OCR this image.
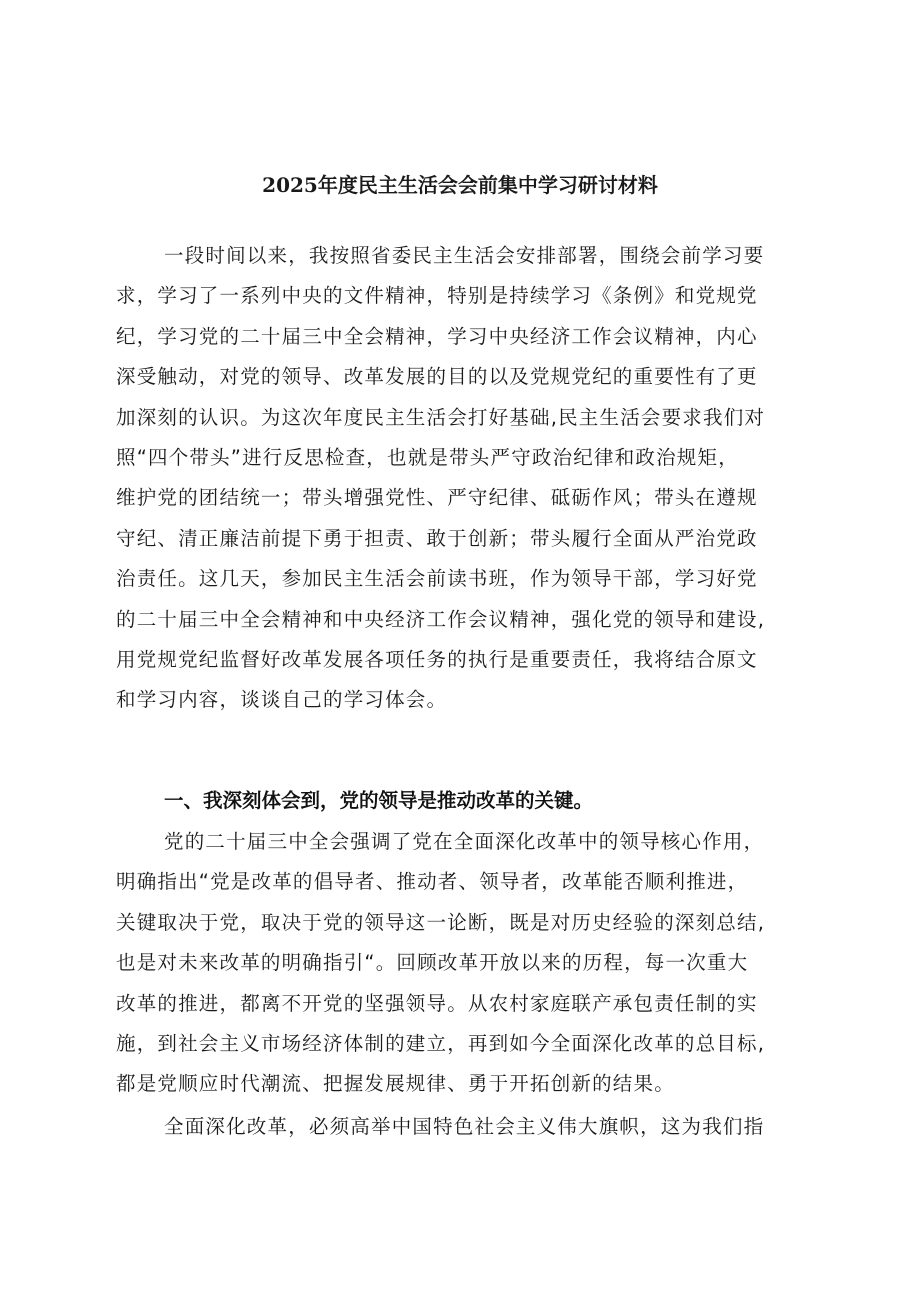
2025年度民主生活会会前集中学习研讨材料
一段时间以来，我按照省委民主生活会安排部署，围绕会前学习要
求，学习了一系列中央的文件精神，特别是持续学习《条例》和党规党
纪，学习党的二十届三中全会精神，学习中央经济工作会议精神，内心
深受触动，对党的领导、改革发展的目的以及党规党纪的重要性有了更
加深刻的认识。为这次年度民主生活会打好基础,民主生活会要求我们对
照“四个带头”进行反思检查，也就是带头严守政治纪律和政治规矩，
维护党的团结统一；带头增强党性、严守纪律、砥砺作风；带头在遵规
守纪、清正廉洁前提下勇于担责、敢于创新；带头履行全面从严治党政
治责任。这几天，参加民主生活会前读书班，作为领导干部，学习好党
的二十届三中全会精神和中央经济工作会议精神，强化党的领导和建设,
用党规党纪监督好改革发展各项任务的执行是重要责任，我将结合原文
和学习内容，谈谈自己的学习体会。
一、我深刻体会到，党的领导是推动改革的关键。
党的二十届三中全会强调了党在全面深化改革中的领导核心作用，
明确指出“党是改革的倡导者、推动者、领导者，改革能否顺利推进，
关键取决于党，取决于党的领导这一论断，既是对历史经验的深刻总结,
也是对未来改革的明确指引“。回顾改革开放以来的历程，每一次重大
改革的推进，都离不开党的坚强领导。从农村家庭联产承包责任制的实
施，到社会主义市场经济体制的建立，再到如今全面深化改革的总目标,
都是党顺应时代潮流、把握发展规律、勇于开拓创新的结果。
全面深化改革，必须高举中国特色社会主义伟大旗帜，这为我们指
